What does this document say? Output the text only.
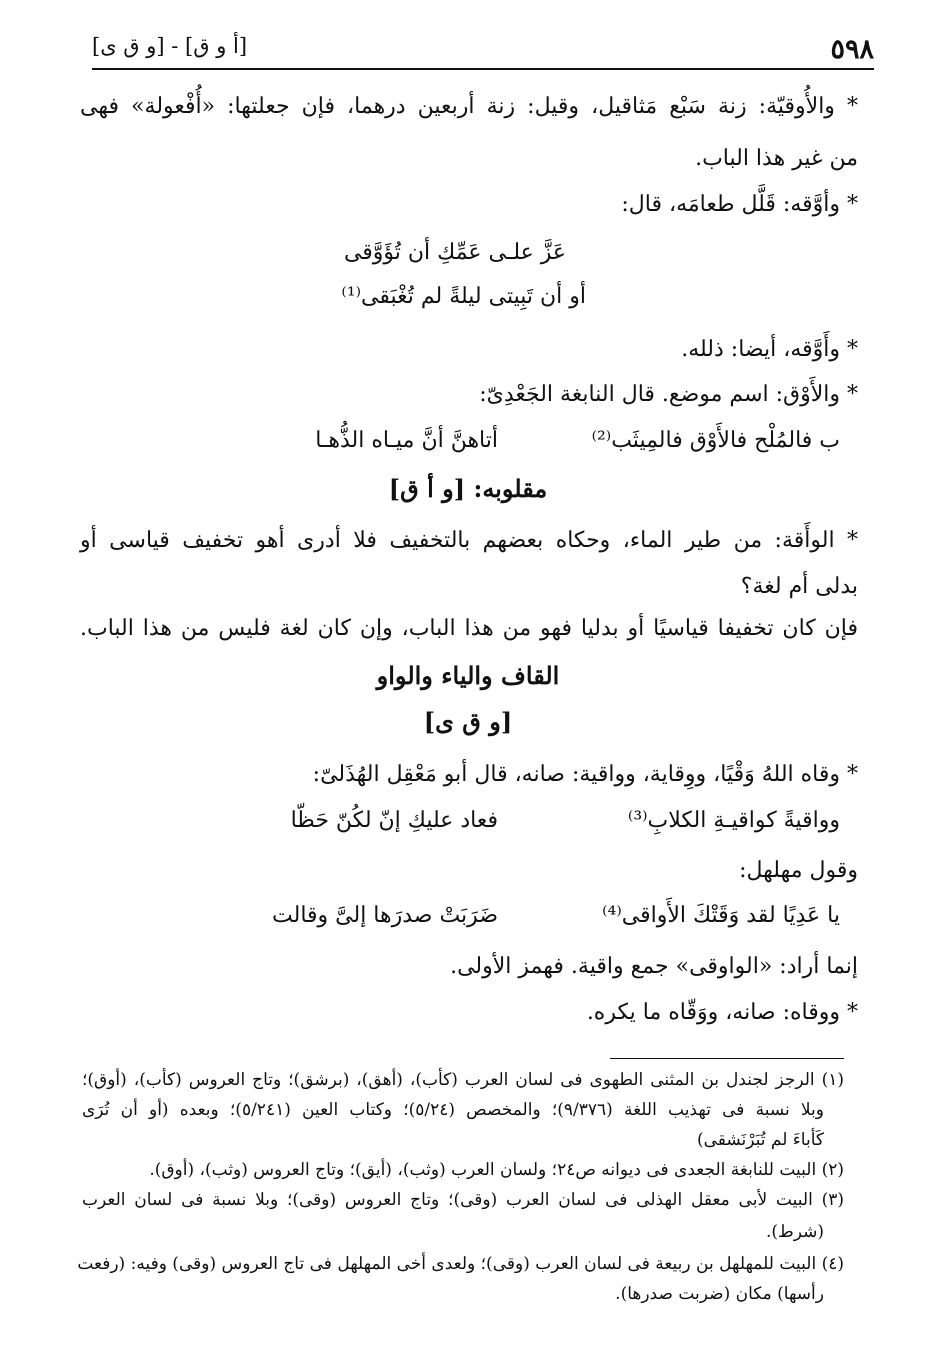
٥٩٨
[أ و ق] - [و ق ى]
* والأُوقيّة: زنة سَبْع مَثاقيل، وقيل: زنة أربعين درهما، فإن جعلتها: «أُفْعولة» فهى
من غير هذا الباب.
* وأوَّقه: قَلَّل طعامَه، قال:
عَزَّ علـى عَمِّكِ أن تُؤَوَّقى
أو أن تَبِيتى ليلةً لم تُغْبَقى⁽¹⁾
* وأَوَّقه، أيضا: ذلله.
* والأَوْق: اسم موضع. قال النابغة الجَعْدِىّ:
أتاهنَّ أنَّ ميـاه الذُّهـا	ب فالمُلْح فالأَوْق فالمِيثَب⁽²⁾
مقلوبه: [و أ ق]
* الوأَقة: من طير الماء، وحكاه بعضهم بالتخفيف فلا أدرى أهو تخفيف قياسى أو
بدلى أم لغة؟
فإن كان تخفيفا قياسيًا أو بدليا فهو من هذا الباب، وإن كان لغة فليس من هذا الباب.
القاف والياء والواو
[و ق ى]
* وقاه اللهُ وَقْيًا، ووِقاية، وواقية: صانه، قال أبو مَعْقِل الهُذَلىّ:
فعاد عليكِ إنّ لكُنّ حَظّا	وواقيةً كواقيـةِ الكلابِ⁽³⁾
وقول مهلهل:
ضَرَبَتْ صدرَها إلىَّ وقالت	يا عَدِيًا لقد وَقَتْكَ الأَواقى⁽⁴⁾
إنما أراد: «الواوقى» جمع واقية. فهمز الأولى.
* ووقاه: صانه، ووَقّاه ما يكره.
(١) الرجز لجندل بن المثنى الطهوى فى لسان العرب (كأب)، (أهق)، (برشق)؛ وتاج العروس (كأب)، (أوق)؛
وبلا نسبة فى تهذيب اللغة (٩/٣٧٦)؛ والمخصص (٥/٢٤)؛ وكتاب العين (٥/٢٤١)؛ وبعده (أو أن تُرَى
كَأباءَ لم تُبَرْنَشقى)
(٢) البيت للنابغة الجعدى فى ديوانه ص٢٤؛ ولسان العرب (وثب)، (أيق)؛ وتاج العروس (وثب)، (أوق).
(٣) البيت لأبى معقل الهذلى فى لسان العرب (وقى)؛ وتاج العروس (وقى)؛ وبلا نسبة فى لسان العرب
(شرط).
(٤) البيت للمهلهل بن ربيعة فى لسان العرب (وقى)؛ ولعدى أخى المهلهل فى تاج العروس (وقى) وفيه: (رفعت
رأسها) مكان (ضربت صدرها).
